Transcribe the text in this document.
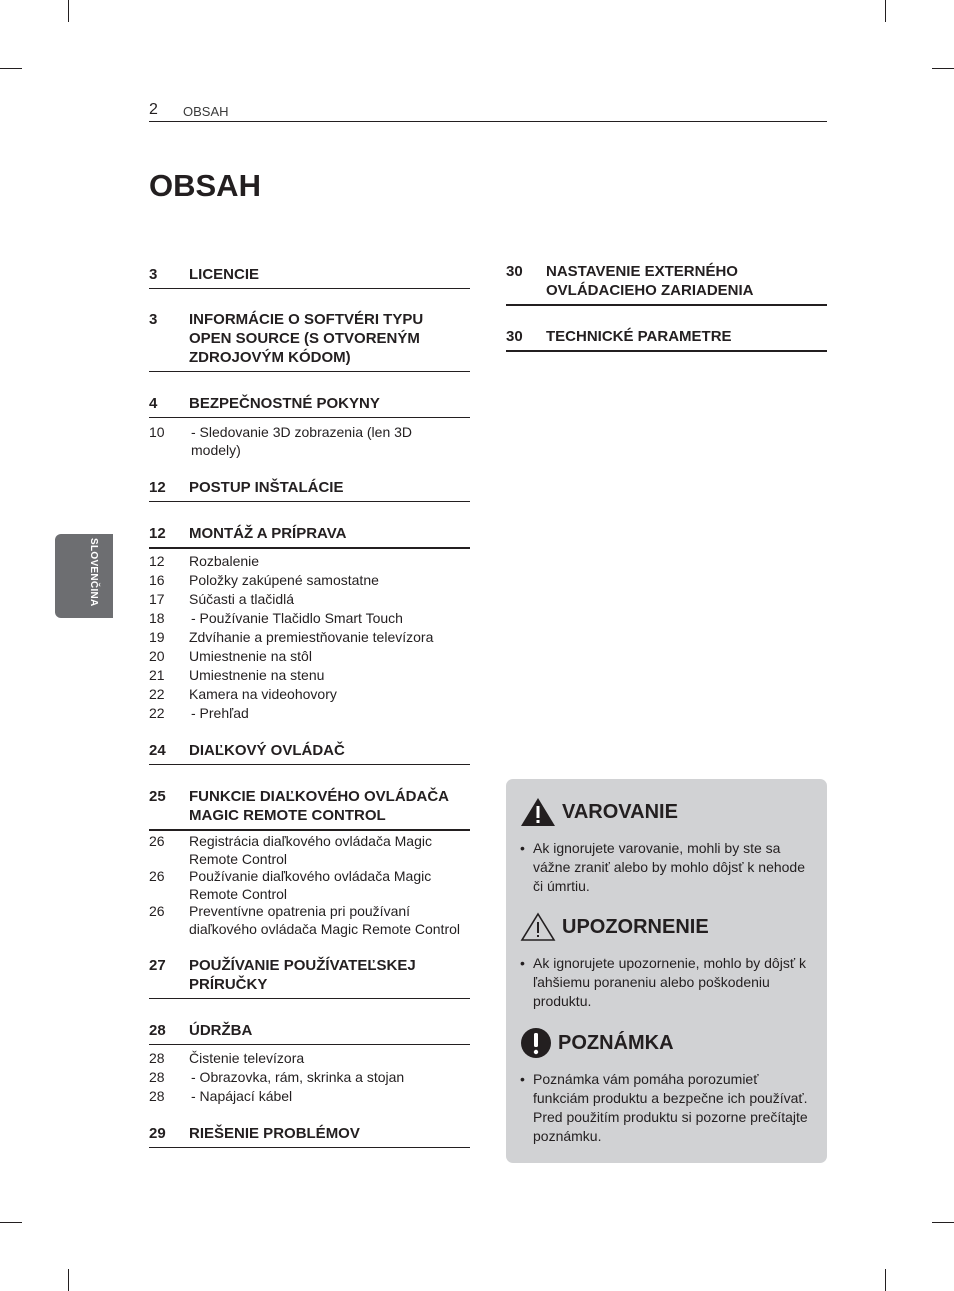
2 OBSAH
OBSAH
SLOVENČINA
3	LICENCIE
3	INFORMÁCIE O SOFTVÉRI TYPU OPEN SOURCE (S OTVORENÝM ZDROJOVÝM KÓDOM)
4	BEZPEČNOSTNÉ POKYNY
10	- Sledovanie 3D zobrazenia (len 3D modely)
12	POSTUP INŠTALÁCIE
12	MONTÁŽ A PRÍPRAVA
12	Rozbalenie
16	Položky zakúpené samostatne
17	Súčasti a tlačidlá
18	- Používanie Tlačidlo Smart Touch
19	Zdvíhanie a premiestňovanie televízora
20	Umiestnenie na stôl
21	Umiestnenie na stenu
22	Kamera na videohovory
22	- Prehľad
24	DIAĽKOVÝ OVLÁDAČ
25	FUNKCIE DIAĽKOVÉHO OVLÁDAČA MAGIC REMOTE CONTROL
26	Registrácia diaľkového ovládača Magic Remote Control
26	Používanie diaľkového ovládača Magic Remote Control
26	Preventívne opatrenia pri používaní diaľkového ovládača Magic Remote Control
27	POUŽÍVANIE POUŽÍVATEĽSKEJ PRÍRUČKY
28	ÚDRŽBA
28	Čistenie televízora
28	- Obrazovka, rám, skrinka a stojan
28	- Napájací kábel
29	RIEŠENIE PROBLÉMOV
30	NASTAVENIE EXTERNÉHO OVLÁDACIEHO ZARIADENIA
30	TECHNICKÉ PARAMETRE
VAROVANIE
• Ak ignorujete varovanie, mohli by ste sa vážne zraniť alebo by mohlo dôjsť k nehode či úmrtiu.
UPOZORNENIE
• Ak ignorujete upozornenie, mohlo by dôjsť k ľahšiemu poraneniu alebo poškodeniu produktu.
POZNÁMKA
• Poznámka vám pomáha porozumieť funkciám produktu a bezpečne ich používať. Pred použitím produktu si pozorne prečítajte poznámku.
